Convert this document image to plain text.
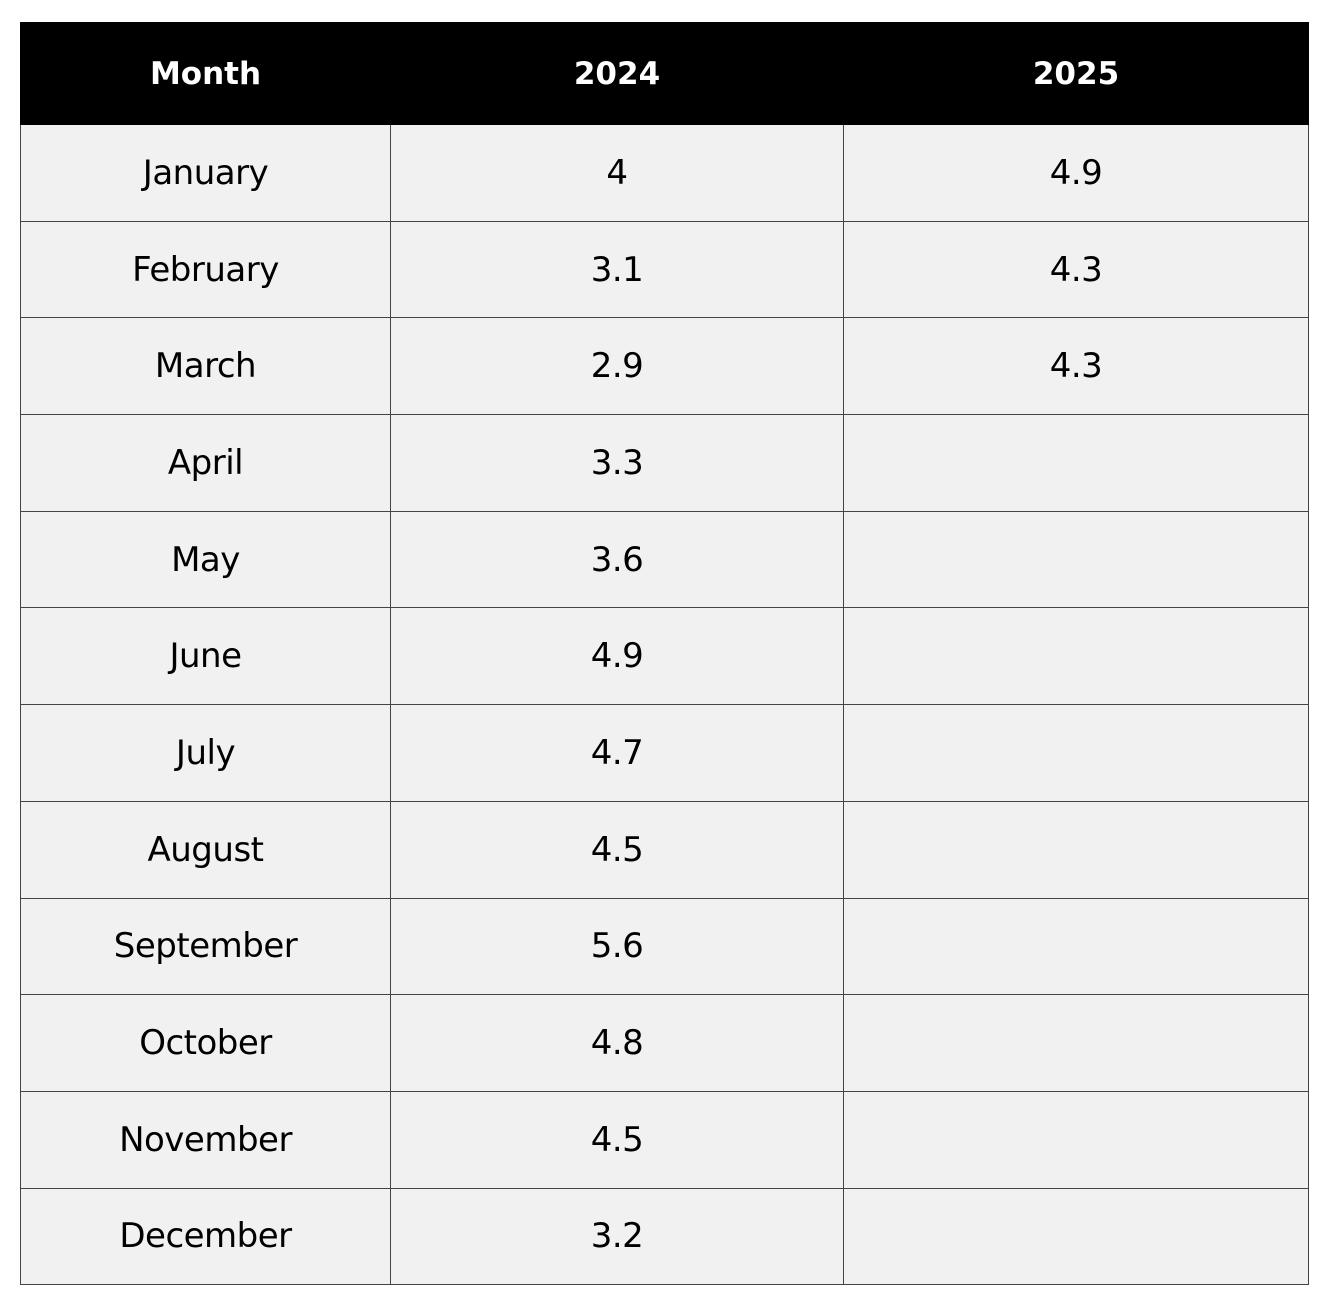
Month	2024	2025
January	4	4.9
February	3.1	4.3
March	2.9	4.3
April	3.3	
May	3.6	
June	4.9	
July	4.7	
August	4.5	
September	5.6	
October	4.8	
November	4.5	
December	3.2	
